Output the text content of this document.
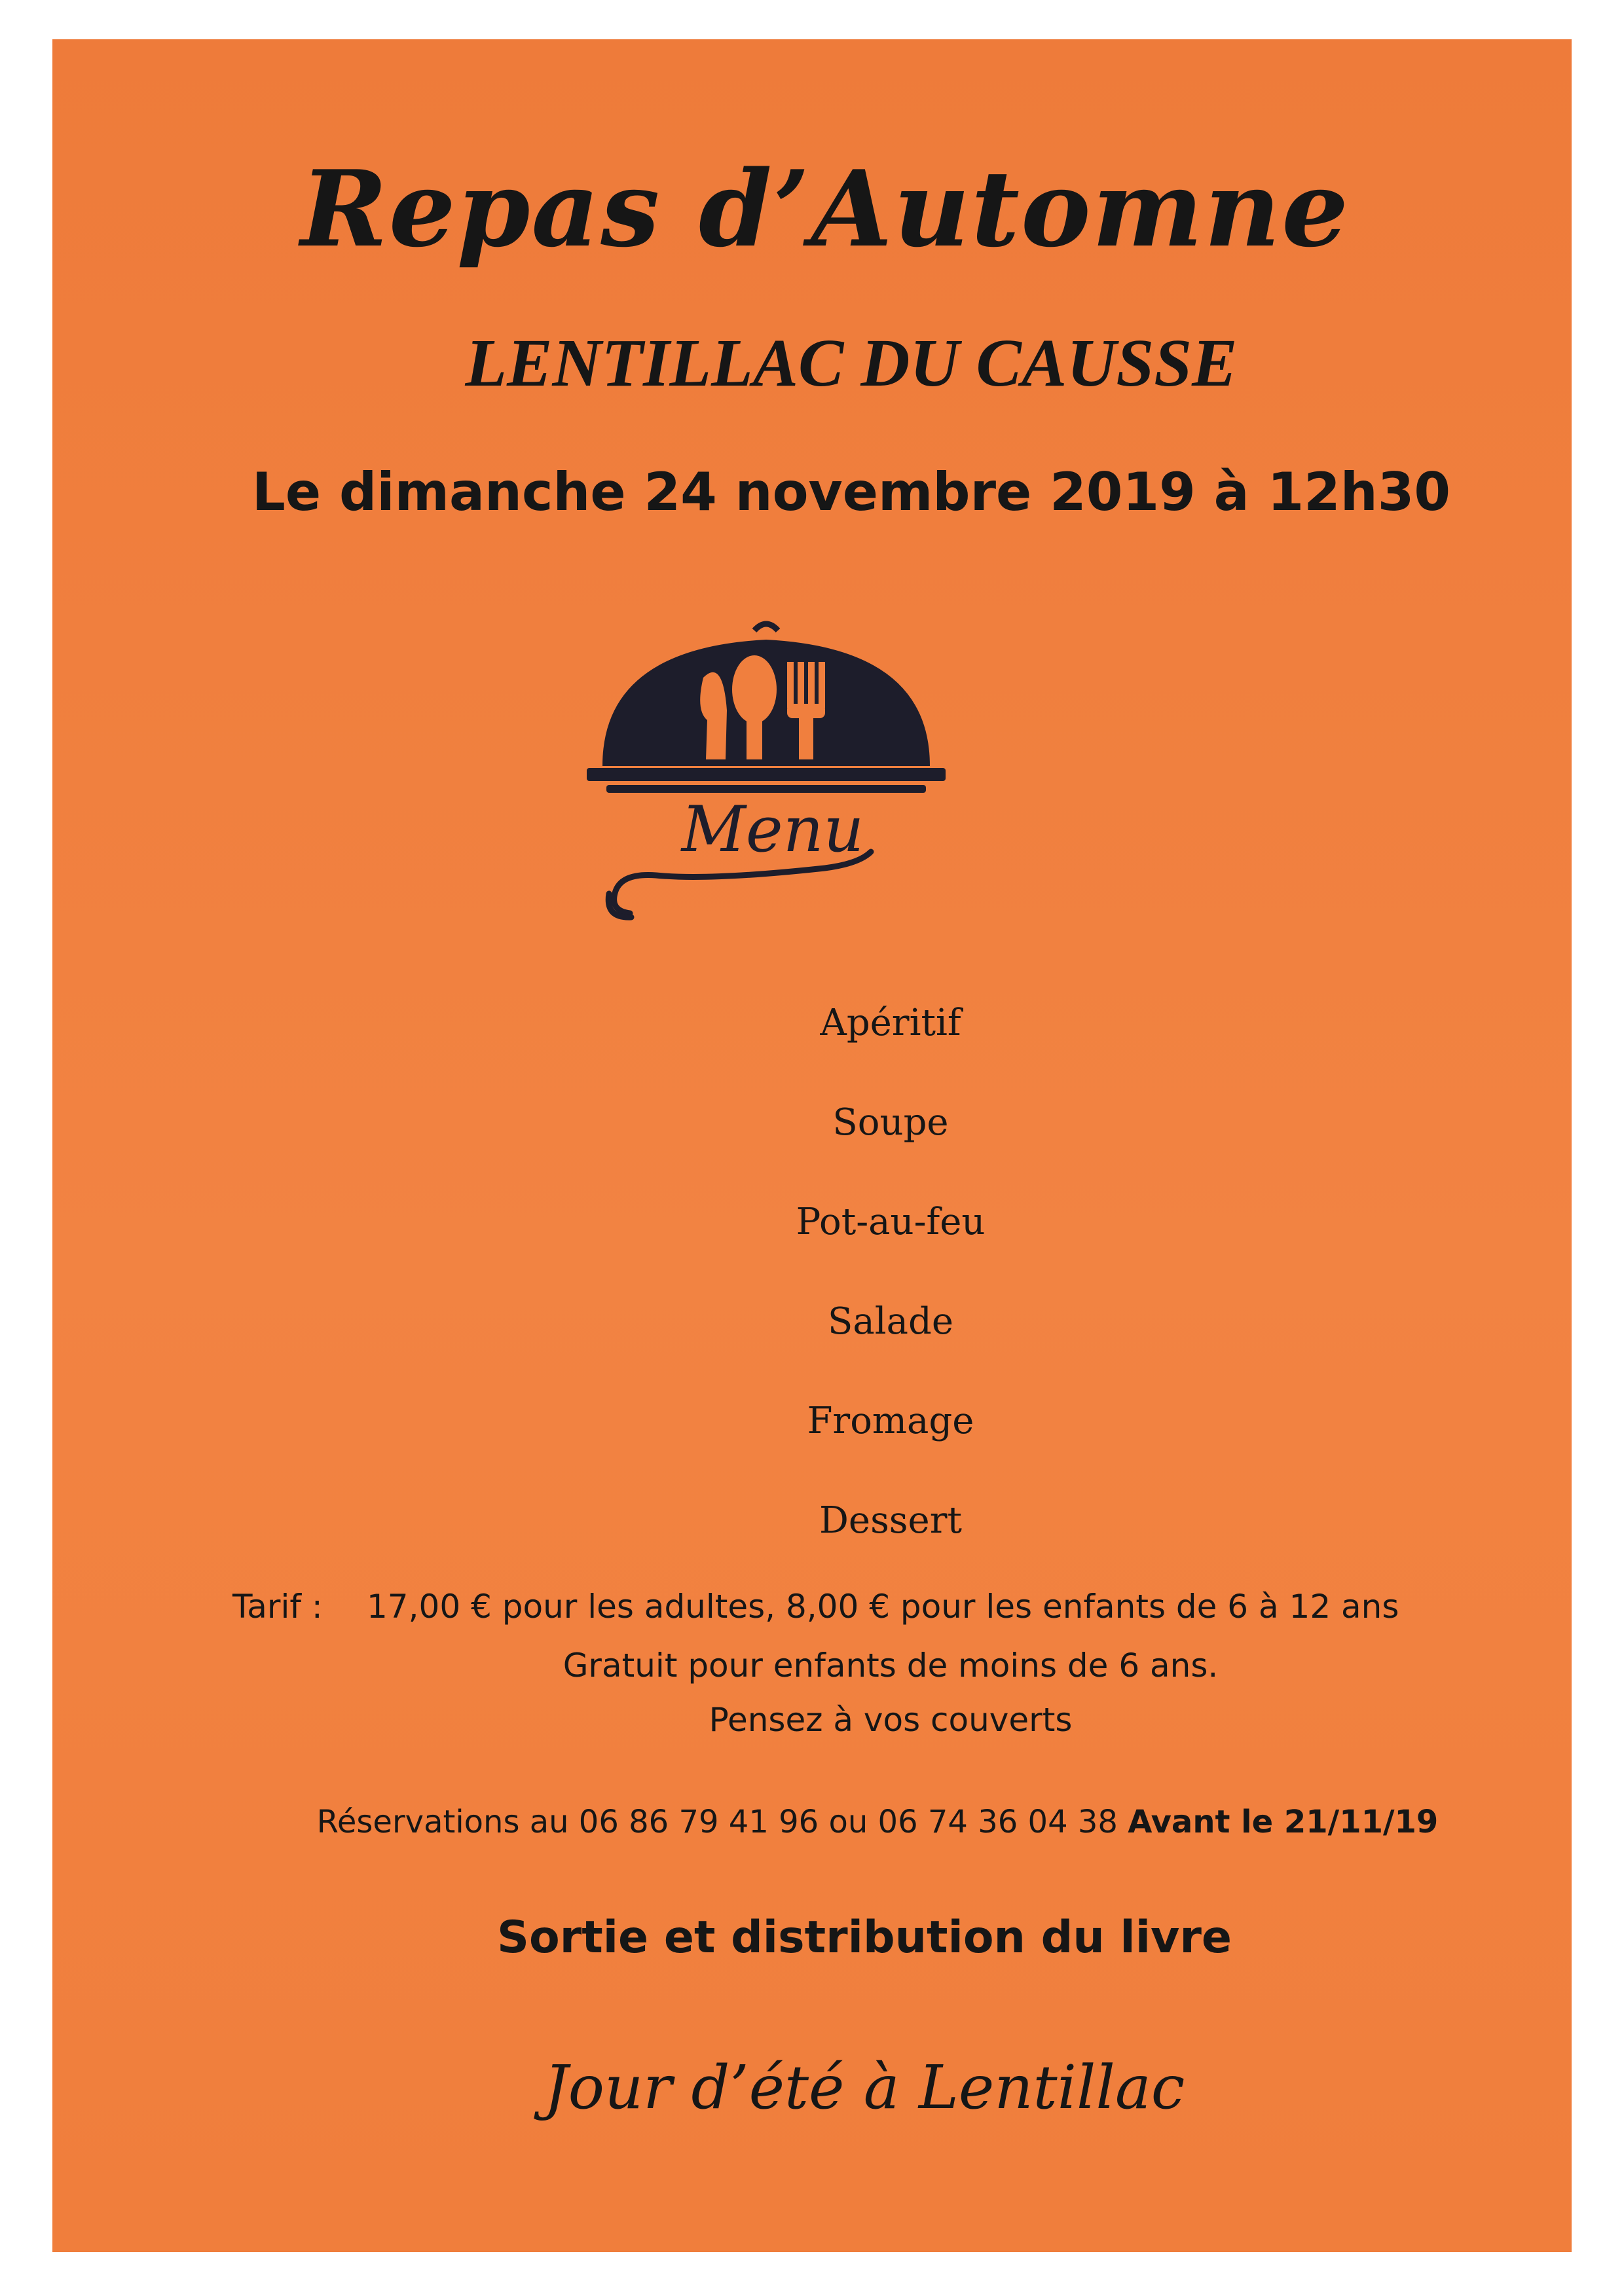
Repas d’Automne
LENTILLAC DU CAUSSE
Le dimanche 24 novembre 2019 à 12h30
Menu
Apéritif
Soupe
Pot-au-feu
Salade
Fromage
Dessert
Tarif : 17,00 € pour les adultes, 8,00 € pour les enfants de 6 à 12 ans
Gratuit pour enfants de moins de 6 ans.
Pensez à vos couverts
Réservations au 06 86 79 41 96 ou 06 74 36 04 38 Avant le 21/11/19
Sortie et distribution du livre
Jour d’été à Lentillac
